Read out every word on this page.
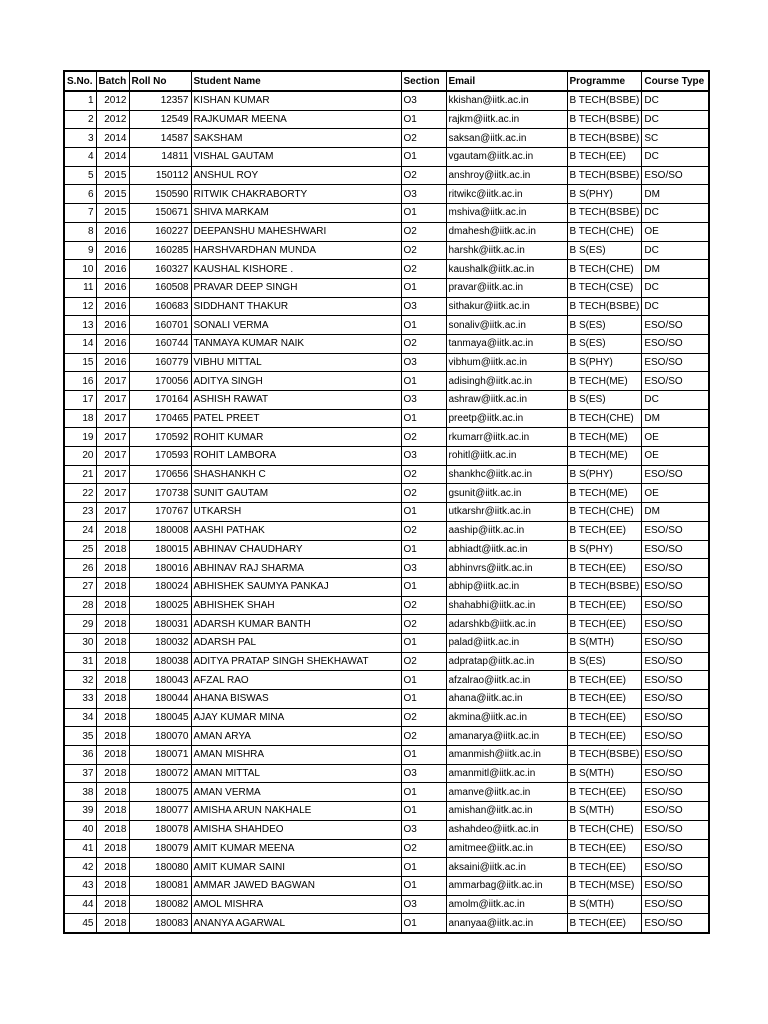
S.No.	Batch	Roll No	Student Name	Section	Email	Programme	Course Type
1	2012	12357	KISHAN KUMAR	O3	kkishan@iitk.ac.in	B TECH(BSBE)	DC
2	2012	12549	RAJKUMAR MEENA	O1	rajkm@iitk.ac.in	B TECH(BSBE)	DC
3	2014	14587	SAKSHAM	O2	saksan@iitk.ac.in	B TECH(BSBE)	SC
4	2014	14811	VISHAL GAUTAM	O1	vgautam@iitk.ac.in	B TECH(EE)	DC
5	2015	150112	ANSHUL ROY	O2	anshroy@iitk.ac.in	B TECH(BSBE)	ESO/SO
6	2015	150590	RITWIK CHAKRABORTY	O3	ritwikc@iitk.ac.in	B S(PHY)	DM
7	2015	150671	SHIVA MARKAM	O1	mshiva@iitk.ac.in	B TECH(BSBE)	DC
8	2016	160227	DEEPANSHU MAHESHWARI	O2	dmahesh@iitk.ac.in	B TECH(CHE)	OE
9	2016	160285	HARSHVARDHAN MUNDA	O2	harshk@iitk.ac.in	B S(ES)	DC
10	2016	160327	KAUSHAL KISHORE .	O2	kaushalk@iitk.ac.in	B TECH(CHE)	DM
11	2016	160508	PRAVAR DEEP SINGH	O1	pravar@iitk.ac.in	B TECH(CSE)	DC
12	2016	160683	SIDDHANT THAKUR	O3	sithakur@iitk.ac.in	B TECH(BSBE)	DC
13	2016	160701	SONALI VERMA	O1	sonaliv@iitk.ac.in	B S(ES)	ESO/SO
14	2016	160744	TANMAYA KUMAR NAIK	O2	tanmaya@iitk.ac.in	B S(ES)	ESO/SO
15	2016	160779	VIBHU MITTAL	O3	vibhum@iitk.ac.in	B S(PHY)	ESO/SO
16	2017	170056	ADITYA SINGH	O1	adisingh@iitk.ac.in	B TECH(ME)	ESO/SO
17	2017	170164	ASHISH RAWAT	O3	ashraw@iitk.ac.in	B S(ES)	DC
18	2017	170465	PATEL PREET	O1	preetp@iitk.ac.in	B TECH(CHE)	DM
19	2017	170592	ROHIT KUMAR	O2	rkumarr@iitk.ac.in	B TECH(ME)	OE
20	2017	170593	ROHIT LAMBORA	O3	rohitl@iitk.ac.in	B TECH(ME)	OE
21	2017	170656	SHASHANKH C	O2	shankhc@iitk.ac.in	B S(PHY)	ESO/SO
22	2017	170738	SUNIT GAUTAM	O2	gsunit@iitk.ac.in	B TECH(ME)	OE
23	2017	170767	UTKARSH	O1	utkarshr@iitk.ac.in	B TECH(CHE)	DM
24	2018	180008	AASHI PATHAK	O2	aaship@iitk.ac.in	B TECH(EE)	ESO/SO
25	2018	180015	ABHINAV CHAUDHARY	O1	abhiadt@iitk.ac.in	B S(PHY)	ESO/SO
26	2018	180016	ABHINAV RAJ SHARMA	O3	abhinvrs@iitk.ac.in	B TECH(EE)	ESO/SO
27	2018	180024	ABHISHEK SAUMYA PANKAJ	O1	abhip@iitk.ac.in	B TECH(BSBE)	ESO/SO
28	2018	180025	ABHISHEK SHAH	O2	shahabhi@iitk.ac.in	B TECH(EE)	ESO/SO
29	2018	180031	ADARSH KUMAR BANTH	O2	adarshkb@iitk.ac.in	B TECH(EE)	ESO/SO
30	2018	180032	ADARSH PAL	O1	palad@iitk.ac.in	B S(MTH)	ESO/SO
31	2018	180038	ADITYA PRATAP SINGH SHEKHAWAT	O2	adpratap@iitk.ac.in	B S(ES)	ESO/SO
32	2018	180043	AFZAL RAO	O1	afzalrao@iitk.ac.in	B TECH(EE)	ESO/SO
33	2018	180044	AHANA BISWAS	O1	ahana@iitk.ac.in	B TECH(EE)	ESO/SO
34	2018	180045	AJAY KUMAR MINA	O2	akmina@iitk.ac.in	B TECH(EE)	ESO/SO
35	2018	180070	AMAN ARYA	O2	amanarya@iitk.ac.in	B TECH(EE)	ESO/SO
36	2018	180071	AMAN MISHRA	O1	amanmish@iitk.ac.in	B TECH(BSBE)	ESO/SO
37	2018	180072	AMAN MITTAL	O3	amanmitl@iitk.ac.in	B S(MTH)	ESO/SO
38	2018	180075	AMAN VERMA	O1	amanve@iitk.ac.in	B TECH(EE)	ESO/SO
39	2018	180077	AMISHA ARUN NAKHALE	O1	amishan@iitk.ac.in	B S(MTH)	ESO/SO
40	2018	180078	AMISHA SHAHDEO	O3	ashahdeo@iitk.ac.in	B TECH(CHE)	ESO/SO
41	2018	180079	AMIT KUMAR MEENA	O2	amitmee@iitk.ac.in	B TECH(EE)	ESO/SO
42	2018	180080	AMIT KUMAR SAINI	O1	aksaini@iitk.ac.in	B TECH(EE)	ESO/SO
43	2018	180081	AMMAR JAWED BAGWAN	O1	ammarbag@iitk.ac.in	B TECH(MSE)	ESO/SO
44	2018	180082	AMOL MISHRA	O3	amolm@iitk.ac.in	B S(MTH)	ESO/SO
45	2018	180083	ANANYA AGARWAL	O1	ananyaa@iitk.ac.in	B TECH(EE)	ESO/SO
